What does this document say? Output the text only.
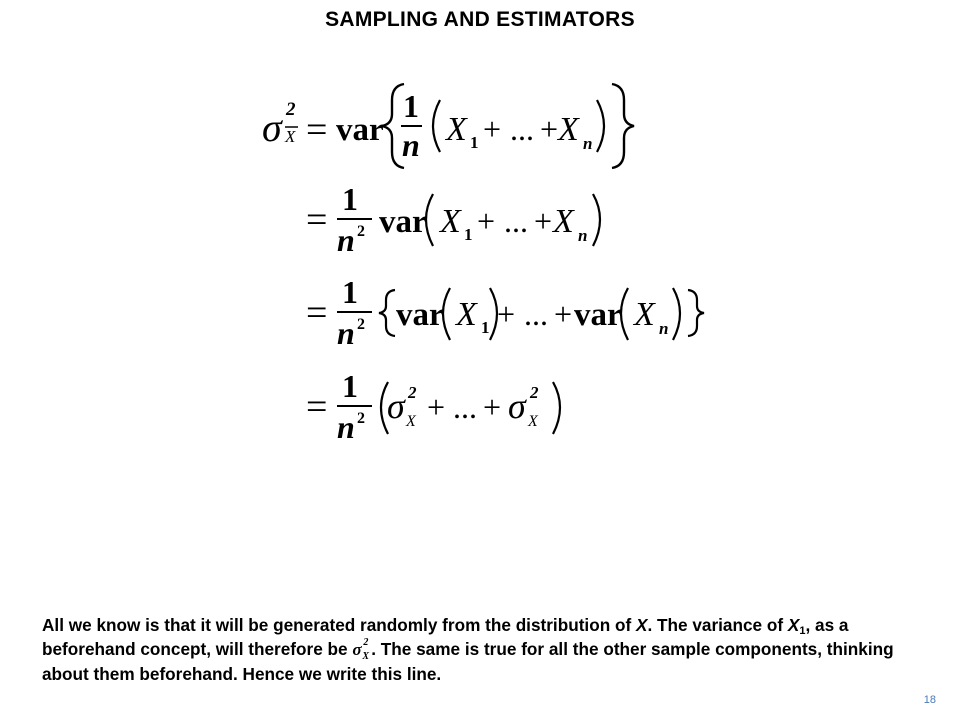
SAMPLING AND ESTIMATORS
σ 2
X = var
1
n X 1 + ... + X n
= 1
n 2 var X 1 + ... + X n
= 1
n 2 var X 1 + ... + var X n
= 1
n 2 σ 2
X + ... + σ 2
X
All we know is that it will be generated randomly from the distribution of X. The variance of $X_1$, as a beforehand concept, will therefore be σ 2
X . The same is true for all the other sample components, thinking about them beforehand. Hence we write this line.
18
